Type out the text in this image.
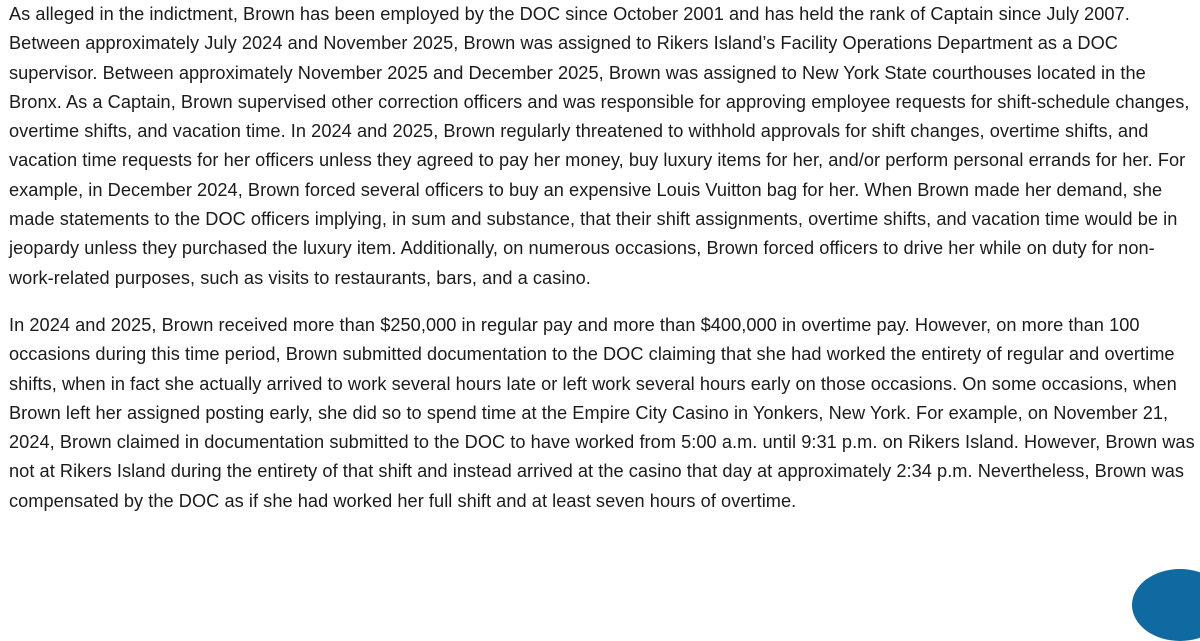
As alleged in the indictment, Brown has been employed by the DOC since October 2001 and has held the rank of Captain since July 2007. Between approximately July 2024 and November 2025, Brown was assigned to Rikers Island’s Facility Operations Department as a DOC supervisor. Between approximately November 2025 and December 2025, Brown was assigned to New York State courthouses located in the Bronx. As a Captain, Brown supervised other correction officers and was responsible for approving employee requests for shift-schedule changes, overtime shifts, and vacation time. In 2024 and 2025, Brown regularly threatened to withhold approvals for shift changes, overtime shifts, and vacation time requests for her officers unless they agreed to pay her money, buy luxury items for her, and/or perform personal errands for her. For example, in December 2024, Brown forced several officers to buy an expensive Louis Vuitton bag for her. When Brown made her demand, she made statements to the DOC officers implying, in sum and substance, that their shift assignments, overtime shifts, and vacation time would be in jeopardy unless they purchased the luxury item. Additionally, on numerous occasions, Brown forced officers to drive her while on duty for non-work-related purposes, such as visits to restaurants, bars, and a casino.

In 2024 and 2025, Brown received more than $250,000 in regular pay and more than $400,000 in overtime pay. However, on more than 100 occasions during this time period, Brown submitted documentation to the DOC claiming that she had worked the entirety of regular and overtime shifts, when in fact she actually arrived to work several hours late or left work several hours early on those occasions. On some occasions, when Brown left her assigned posting early, she did so to spend time at the Empire City Casino in Yonkers, New York. For example, on November 21, 2024, Brown claimed in documentation submitted to the DOC to have worked from 5:00 a.m. until 9:31 p.m. on Rikers Island. However, Brown was not at Rikers Island during the entirety of that shift and instead arrived at the casino that day at approximately 2:34 p.m. Nevertheless, Brown was compensated by the DOC as if she had worked her full shift and at least seven hours of overtime.
